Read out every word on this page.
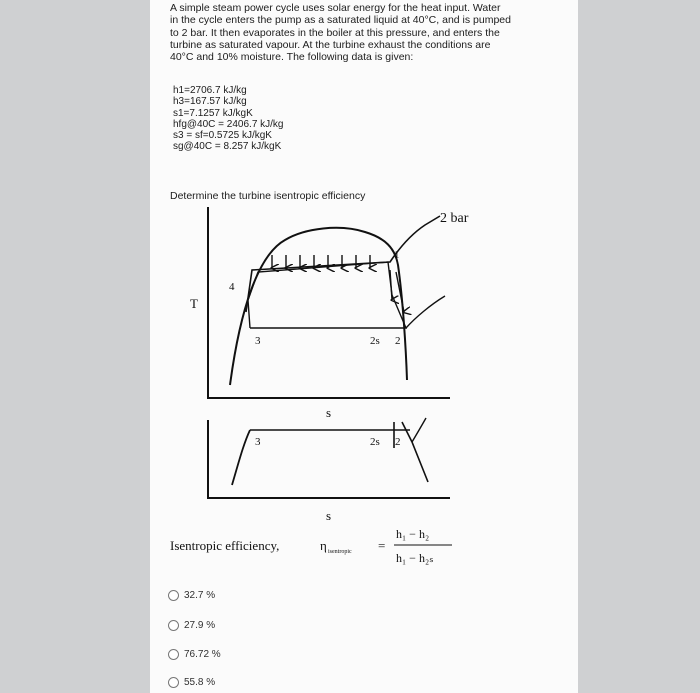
A simple steam power cycle uses solar energy for the heat input. Water
in the cycle enters the pump as a saturated liquid at 40°C, and is pumped
to 2 bar. It then evaporates in the boiler at this pressure, and enters the
turbine as saturated vapour. At the turbine exhaust the conditions are
40°C and 10% moisture. The following data is given:
h1=2706.7 kJ/kg
h3=167.57 kJ/kg
s1=7.1257 kJ/kgK
hfg@40C = 2406.7 kJ/kg
s3 = sf=0.5725 kJ/kgK
sg@40C = 8.257 kJ/kgK
Determine the turbine isentropic efficiency
2 bar
1
4
T
3	2s 2
s
3	2s 2
s
Isentropic efficiency,	η isentropic =
h₁ − h₂
h₁ − h₂ₛ
32.7 %
27.9 %
76.72 %
55.8 %
